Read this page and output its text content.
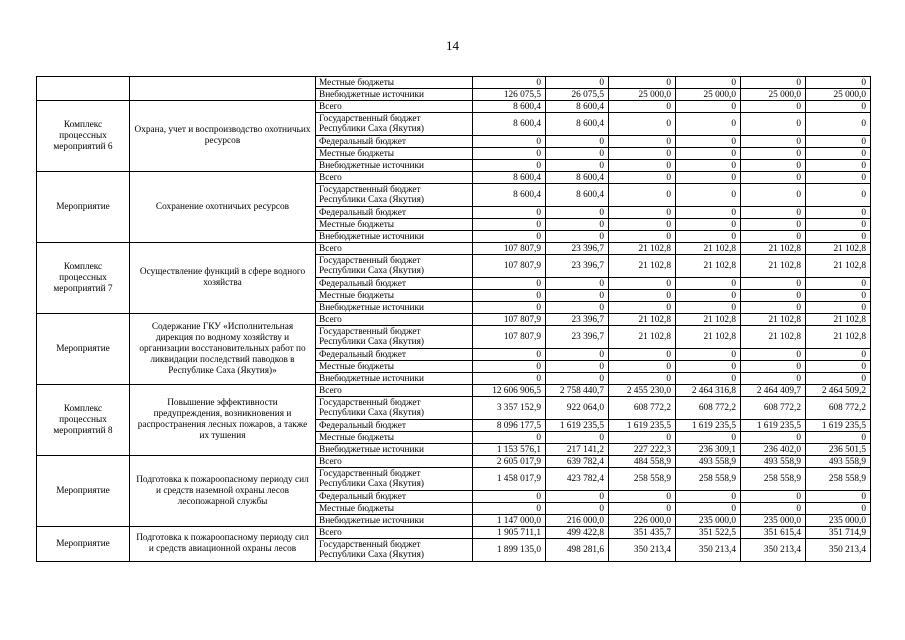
14
		Местные бюджеты	0	0	0	0	0	0
		Внебюджетные источники	126 075,5	26 075,5	25 000,0	25 000,0	25 000,0	25 000,0
Комплекс процессных мероприятий 6	Охрана, учет и воспроизводство охотничьих ресурсов	Всего	8 600,4	8 600,4	0	0	0	0
		Государственный бюджет Республики Саха (Якутия)	8 600,4	8 600,4	0	0	0	0
		Федеральный бюджет	0	0	0	0	0	0
		Местные бюджеты	0	0	0	0	0	0
		Внебюджетные источники	0	0	0	0	0	0
Мероприятие	Сохранение охотничьих ресурсов	Всего	8 600,4	8 600,4	0	0	0	0
		Государственный бюджет Республики Саха (Якутия)	8 600,4	8 600,4	0	0	0	0
		Федеральный бюджет	0	0	0	0	0	0
		Местные бюджеты	0	0	0	0	0	0
		Внебюджетные источники	0	0	0	0	0	0
Комплекс процессных мероприятий 7	Осуществление функций в сфере водного хозяйства	Всего	107 807,9	23 396,7	21 102,8	21 102,8	21 102,8	21 102,8
		Государственный бюджет Республики Саха (Якутия)	107 807,9	23 396,7	21 102,8	21 102,8	21 102,8	21 102,8
		Федеральный бюджет	0	0	0	0	0	0
		Местные бюджеты	0	0	0	0	0	0
		Внебюджетные источники	0	0	0	0	0	0
Мероприятие	Содержание ГКУ «Исполнительная дирекция по водному хозяйству и организации восстановительных работ по ликвидации последствий паводков в Республике Саха (Якутия)»	Всего	107 807,9	23 396,7	21 102,8	21 102,8	21 102,8	21 102,8
		Государственный бюджет Республики Саха (Якутия)	107 807,9	23 396,7	21 102,8	21 102,8	21 102,8	21 102,8
		Федеральный бюджет	0	0	0	0	0	0
		Местные бюджеты	0	0	0	0	0	0
		Внебюджетные источники	0	0	0	0	0	0
Комплекс процессных мероприятий 8	Повышение эффективности предупреждения, возникновения и распространения лесных пожаров, а также их тушения	Всего	12 606 906,5	2 758 440,7	2 455 230,0	2 464 316,8	2 464 409,7	2 464 509,2
		Государственный бюджет Республики Саха (Якутия)	3 357 152,9	922 064,0	608 772,2	608 772,2	608 772,2	608 772,2
		Федеральный бюджет	8 096 177,5	1 619 235,5	1 619 235,5	1 619 235,5	1 619 235,5	1 619 235,5
		Местные бюджеты	0	0	0	0	0	0
		Внебюджетные источники	1 153 576,1	217 141,2	227 222,3	236 309,1	236 402,0	236 501,5
Мероприятие	Подготовка к пожароопасному периоду сил и средств наземной охраны лесов лесопожарной службы	Всего	2 605 017,9	639 782,4	484 558,9	493 558,9	493 558,9	493 558,9
		Государственный бюджет Республики Саха (Якутия)	1 458 017,9	423 782,4	258 558,9	258 558,9	258 558,9	258 558,9
		Федеральный бюджет	0	0	0	0	0	0
		Местные бюджеты	0	0	0	0	0	0
		Внебюджетные источники	1 147 000,0	216 000,0	226 000,0	235 000,0	235 000,0	235 000,0
Мероприятие	Подготовка к пожароопасному периоду сил и средств авиационной охраны лесов	Всего	1 905 711,1	499 422,8	351 435,7	351 522,5	351 615,4	351 714,9
		Государственный бюджет Республики Саха (Якутия)	1 899 135,0	498 281,6	350 213,4	350 213,4	350 213,4	350 213,4
